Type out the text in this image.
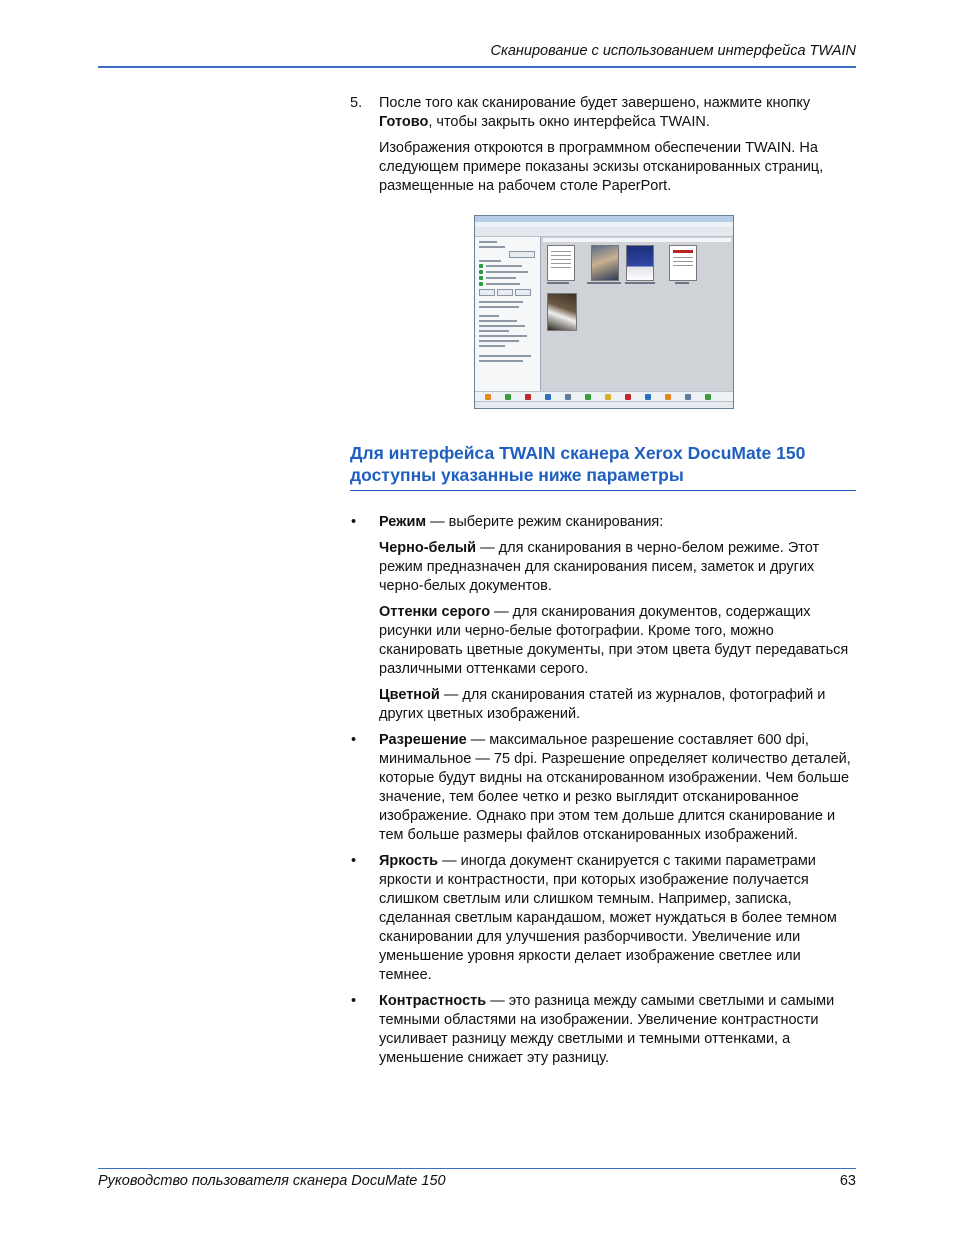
Сканирование с использованием интерфейса TWAIN
5. После того как сканирование будет завершено, нажмите кнопку Готово, чтобы закрыть окно интерфейса TWAIN.

Изображения откроются в программном обеспечении TWAIN. На следующем примере показаны эскизы отсканированных страниц, размещенные на рабочем столе PaperPort.

Для интерфейса TWAIN сканера Xerox DocuMate 150
доступны указанные ниже параметры
• Режим — выберите режим сканирования:

Черно-белый — для сканирования в черно-белом режиме. Этот режим предназначен для сканирования писем, заметок и других черно-белых документов.

Оттенки серого — для сканирования документов, содержащих рисунки или черно-белые фотографии. Кроме того, можно сканировать цветные документы, при этом цвета будут передаваться различными оттенками серого.

Цветной — для сканирования статей из журналов, фотографий и других цветных изображений.

• Разрешение — максимальное разрешение составляет 600 dpi, минимальное — 75 dpi. Разрешение определяет количество деталей, которые будут видны на отсканированном изображении. Чем больше значение, тем более четко и резко выглядит отсканированное изображение. Однако при этом тем дольше длится сканирование и тем больше размеры файлов отсканированных изображений.

• Яркость — иногда документ сканируется с такими параметрами яркости и контрастности, при которых изображение получается слишком светлым или слишком темным. Например, записка, сделанная светлым карандашом, может нуждаться в более темном сканировании для улучшения разборчивости. Увеличение или уменьшение уровня яркости делает изображение светлее или темнее.

• Контрастность — это разница между самыми светлыми и самыми темными областями на изображении. Увеличение контрастности усиливает разницу между светлыми и темными оттенками, а уменьшение снижает эту разницу.

Руководство пользователя сканера DocuMate 150	63
